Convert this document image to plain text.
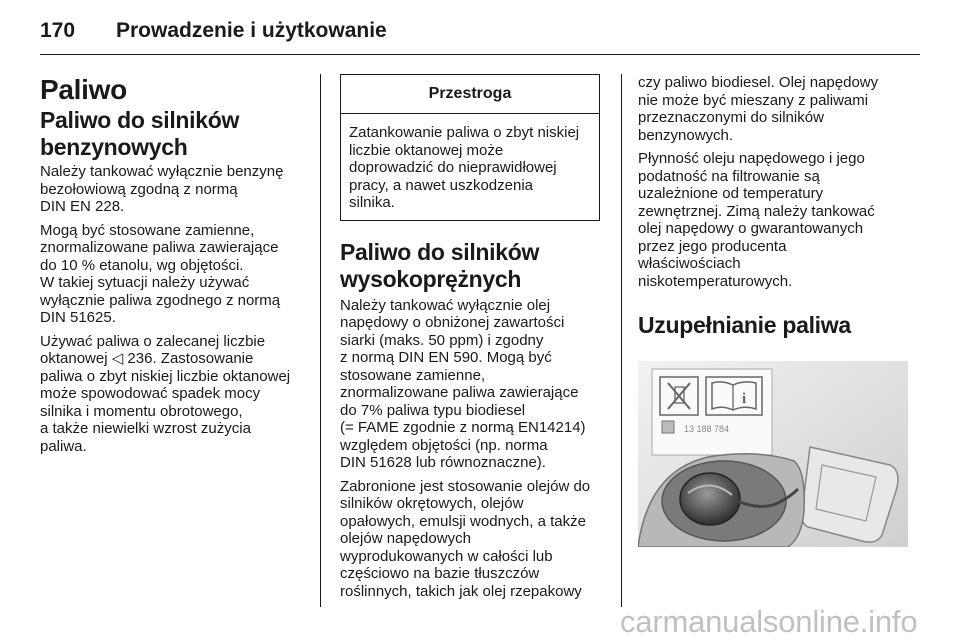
170 Prowadzenie i użytkowanie
Paliwo
Paliwo do silników
benzynowych

Należy tankować wyłącznie benzynę
bezołowiową zgodną z normą
DIN EN 228.

Mogą być stosowane zamienne,
znormalizowane paliwa zawierające
do 10 % etanolu, wg objętości.
W takiej sytuacji należy używać
wyłącznie paliwa zgodnego z normą
DIN 51625.

Używać paliwa o zalecanej liczbie
oktanowej ◁ 236. Zastosowanie
paliwa o zbyt niskiej liczbie oktanowej
może spowodować spadek mocy
silnika i momentu obrotowego,
a także niewielki wzrost zużycia
paliwa.

Przestroga
Zatankowanie paliwa o zbyt niskiej
liczbie oktanowej może
doprowadzić do nieprawidłowej
pracy, a nawet uszkodzenia
silnika.
Paliwo do silników
wysokoprężnych

Należy tankować wyłącznie olej
napędowy o obniżonej zawartości
siarki (maks. 50 ppm) i zgodny
z normą DIN EN 590. Mogą być
stosowane zamienne,
znormalizowane paliwa zawierające
do 7% paliwa typu biodiesel
(= FAME zgodnie z normą EN14214)
względem objętości (np. norma
DIN 51628 lub równoznaczne).

Zabronione jest stosowanie olejów do
silników okrętowych, olejów
opałowych, emulsji wodnych, a także
olejów napędowych
wyprodukowanych w całości lub
częściowo na bazie tłuszczów
roślinnych, takich jak olej rzepakowy

czy paliwo biodiesel. Olej napędowy
nie może być mieszany z paliwami
przeznaczonymi do silników
benzynowych.

Płynność oleju napędowego i jego
podatność na filtrowanie są
uzależnione od temperatury
zewnętrznej. Zimą należy tankować
olej napędowy o gwarantowanych
przez jego producenta
właściwościach
niskotemperaturowych.

Uzupełnianie paliwa
i
13 188 784
carmanualsonline.info
